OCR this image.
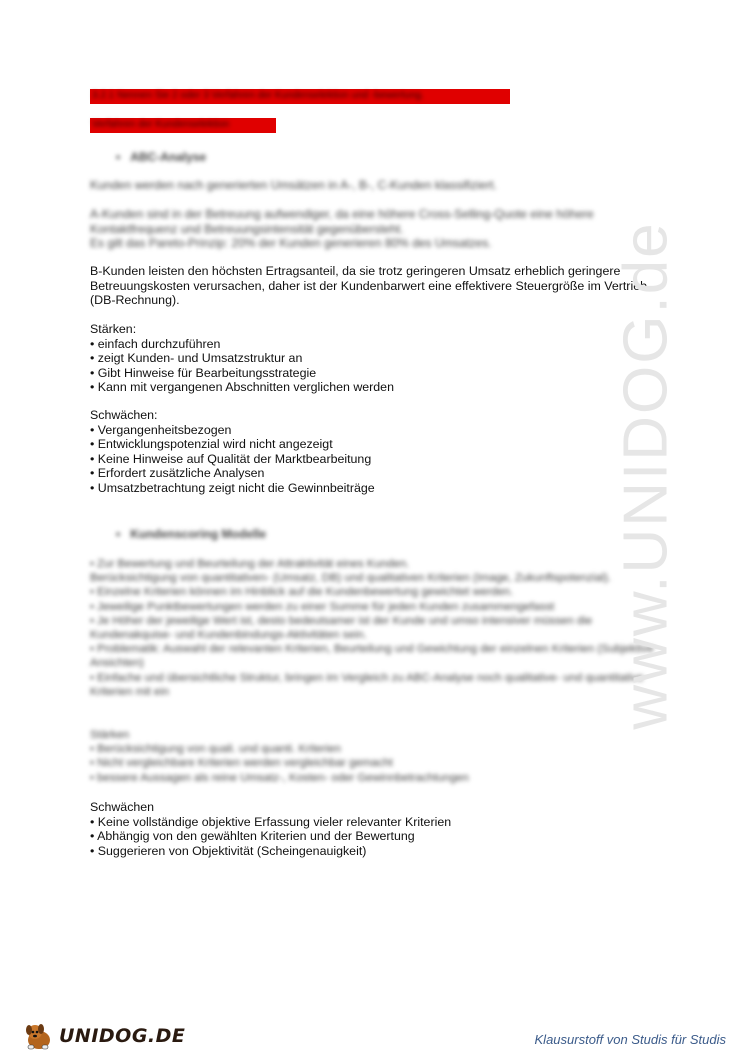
3.2.1 Nennen Sie 2 oder 3 Verfahren der Kundenselektion und -bewertung.
Verfahren der Kundenselektion
•   ABC-Analyse
Kunden werden nach generierten Umsätzen in A-, B-, C-Kunden klassifiziert.
A-Kunden sind in der Betreuung aufwendiger, da eine höhere Cross-Selling-Quote eine höhere Kontaktfrequenz und Betreuungsintensität gegenübersteht.
Es gilt das Pareto-Prinzip: 20% der Kunden generieren 80% des Umsatzes.
B-Kunden leisten den höchsten Ertragsanteil, da sie trotz geringeren Umsatz erheblich geringere Betreuungskosten verursachen, daher ist der Kundenbarwert eine effektivere Steuergröße im Vertrieb (DB-Rechnung).
Stärken:
• einfach durchzuführen
• zeigt Kunden- und Umsatzstruktur an
• Gibt Hinweise für Bearbeitungsstrategie
• Kann mit vergangenen Abschnitten verglichen werden
Schwächen:
• Vergangenheitsbezogen
• Entwicklungspotenzial wird nicht angezeigt
• Keine Hinweise auf Qualität der Marktbearbeitung
• Erfordert zusätzliche Analysen
• Umsatzbetrachtung zeigt nicht die Gewinnbeiträge
•   Kundenscoring Modelle
• Zur Bewertung und Beurteilung der Attraktivität eines Kunden.
Berücksichtigung von quantitativen- (Umsatz, DB) und qualitativen Kriterien (Image, Zukunftspotenzial).
• Einzelne Kriterien können im Hinblick auf die Kundenbewertung gewichtet werden.
• Jeweilige Punktbewertungen werden zu einer Summe für jeden Kunden zusammengefasst
• Je Höher der jeweilige Wert ist, desto bedeutsamer ist der Kunde und umso intensiver müssen die Kundenakquise- und Kundenbindungs-Aktivitäten sein.
• Problematik: Auswahl der relevanten Kriterien, Beurteilung und Gewichtung der einzelnen Kriterien (Subjektive Ansichten)
• Einfache und übersichtliche Struktur, bringen im Vergleich zu ABC-Analyse noch qualitative- und quantitative Kriterien mit ein
Stärken
• Berücksichtigung von quali. und quanti. Kriterien
• Nicht vergleichbare Kriterien werden vergleichbar gemacht
• bessere Aussagen als reine Umsatz-, Kosten- oder Gewinnbetrachtungen
Schwächen
• Keine vollständige objektive Erfassung vieler relevanter Kriterien
• Abhängig von den gewählten Kriterien und der Bewertung
• Suggerieren von Objektivität (Scheingenauigkeit)
www.UNIDOG.de
UNIDOG.DE	Klausurstoff von Studis für Studis
